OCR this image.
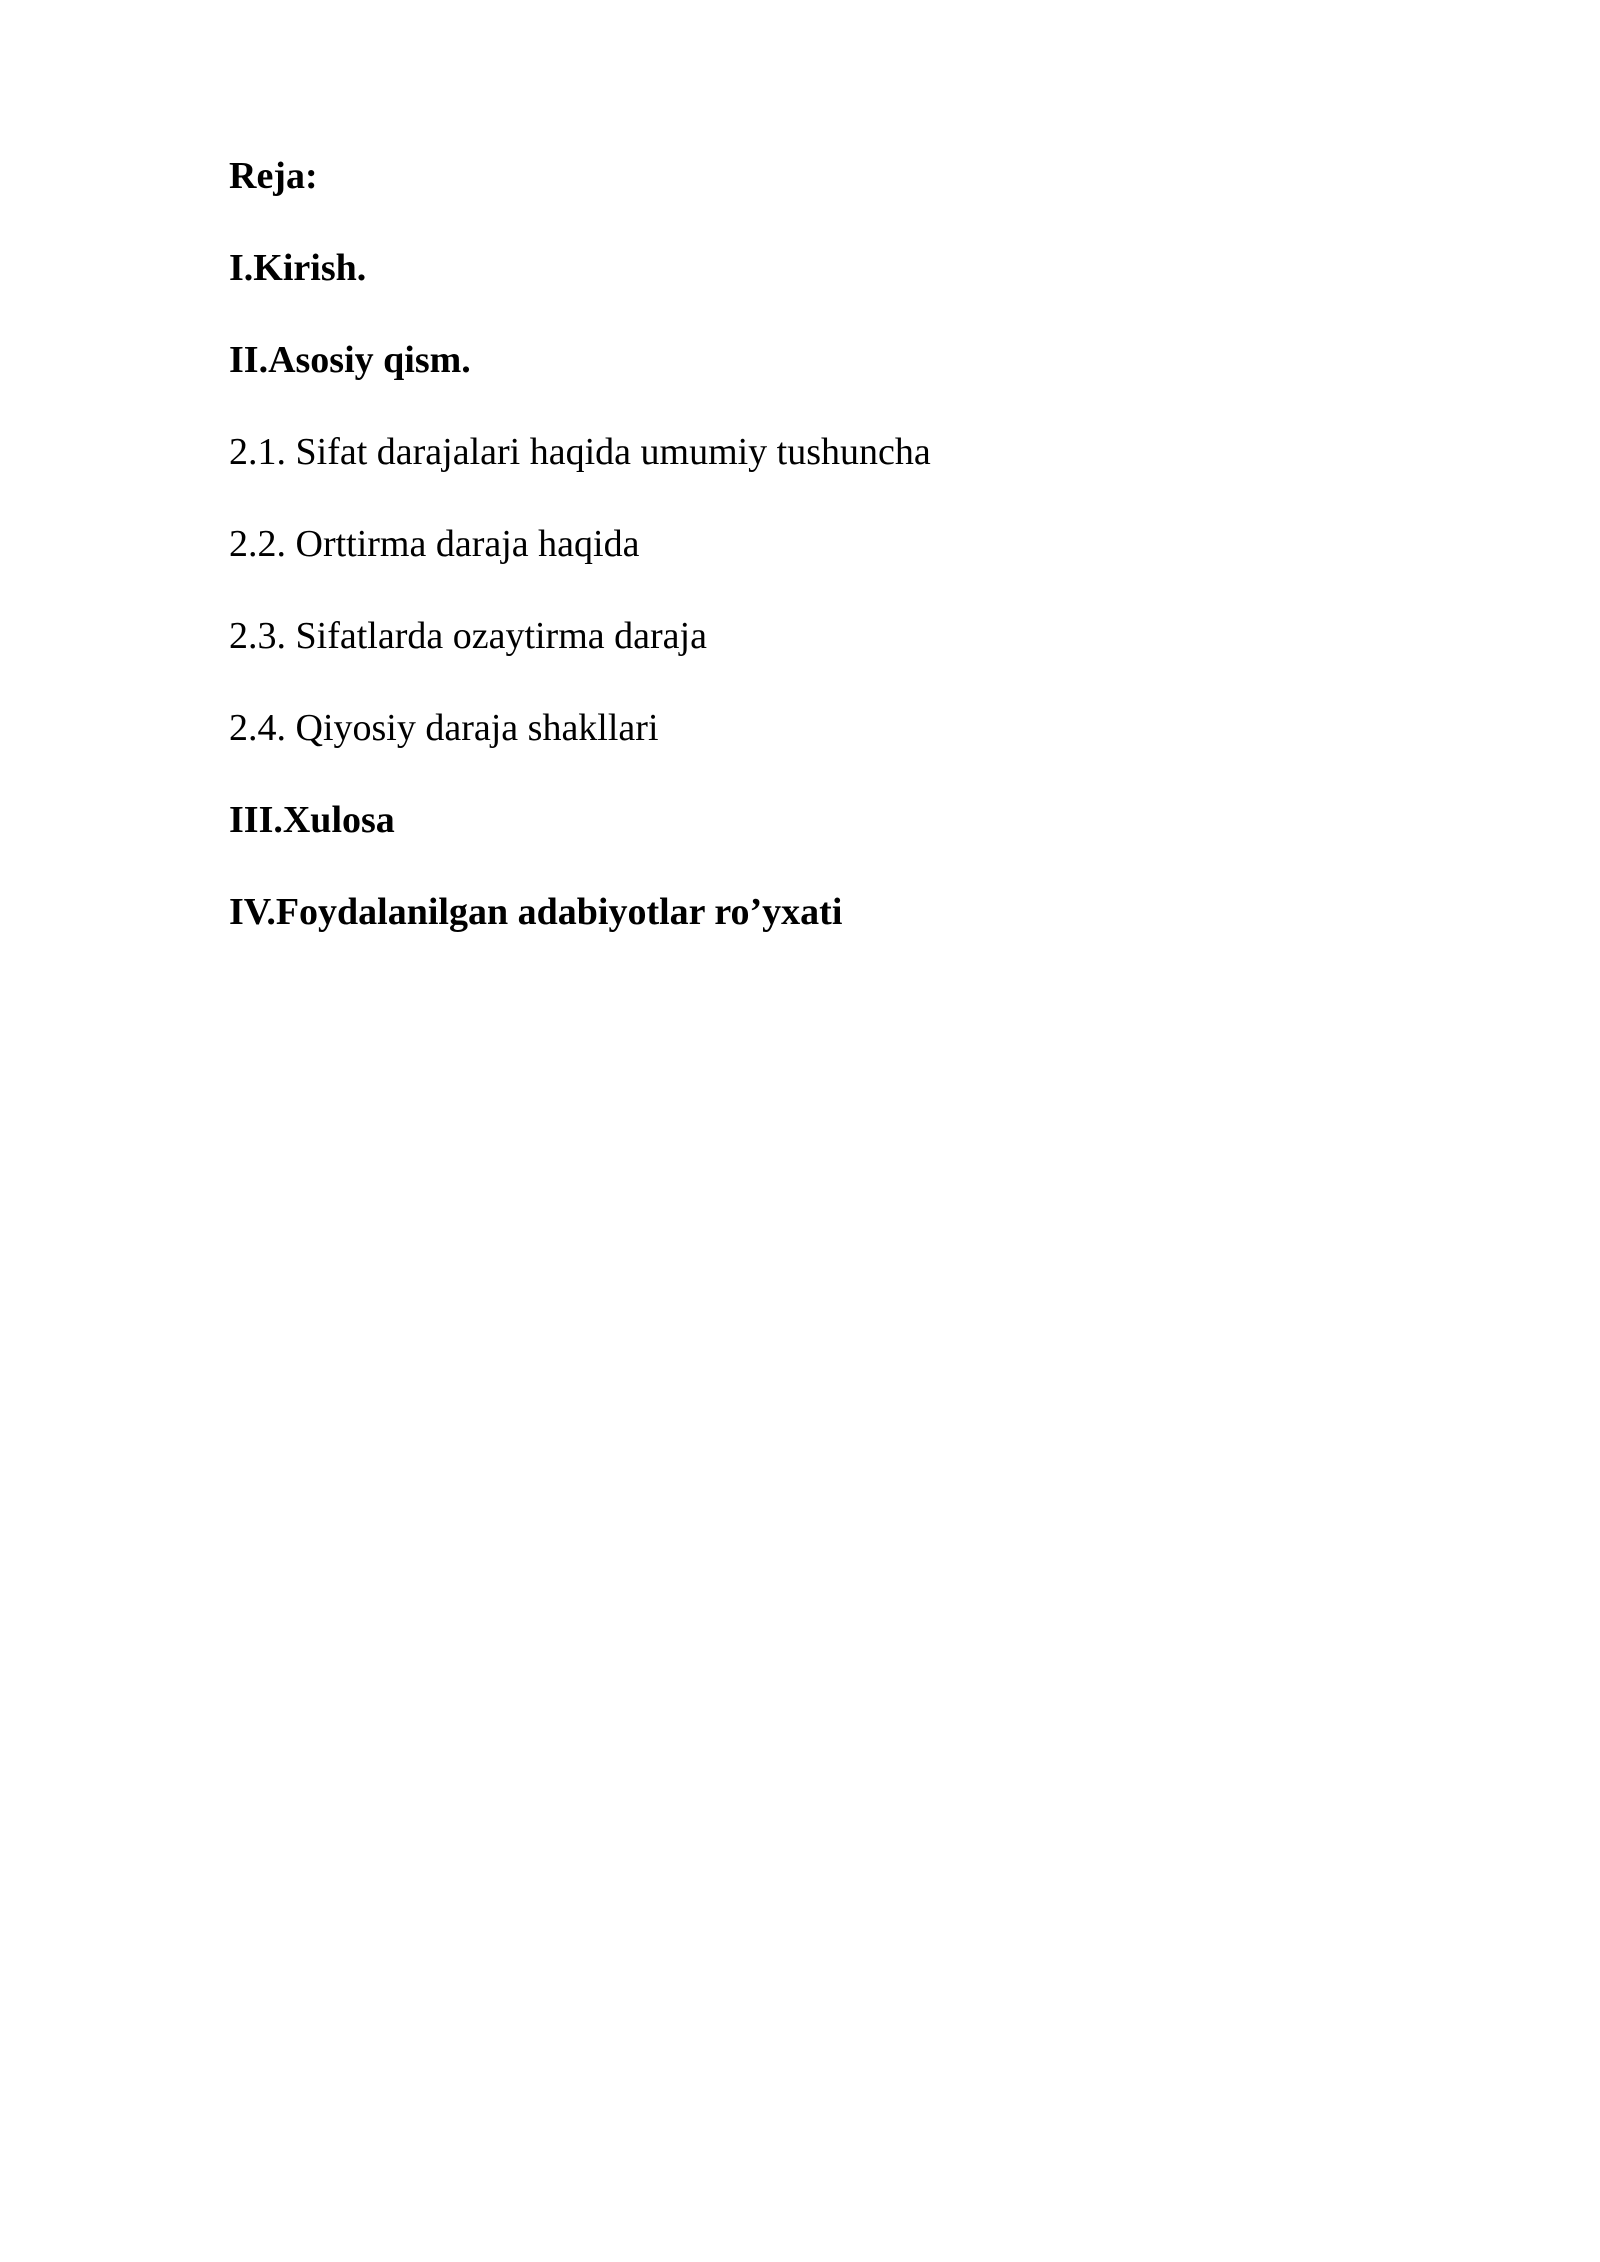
Reja:

I.Kirish.

II.Asosiy qism.

2.1. Sifat darajalari haqida umumiy tushuncha

2.2. Orttirma daraja haqida

2.3. Sifatlarda ozaytirma daraja

2.4. Qiyosiy daraja shakllari

III.Xulosa

IV.Foydalanilgan adabiyotlar ro’yxati
